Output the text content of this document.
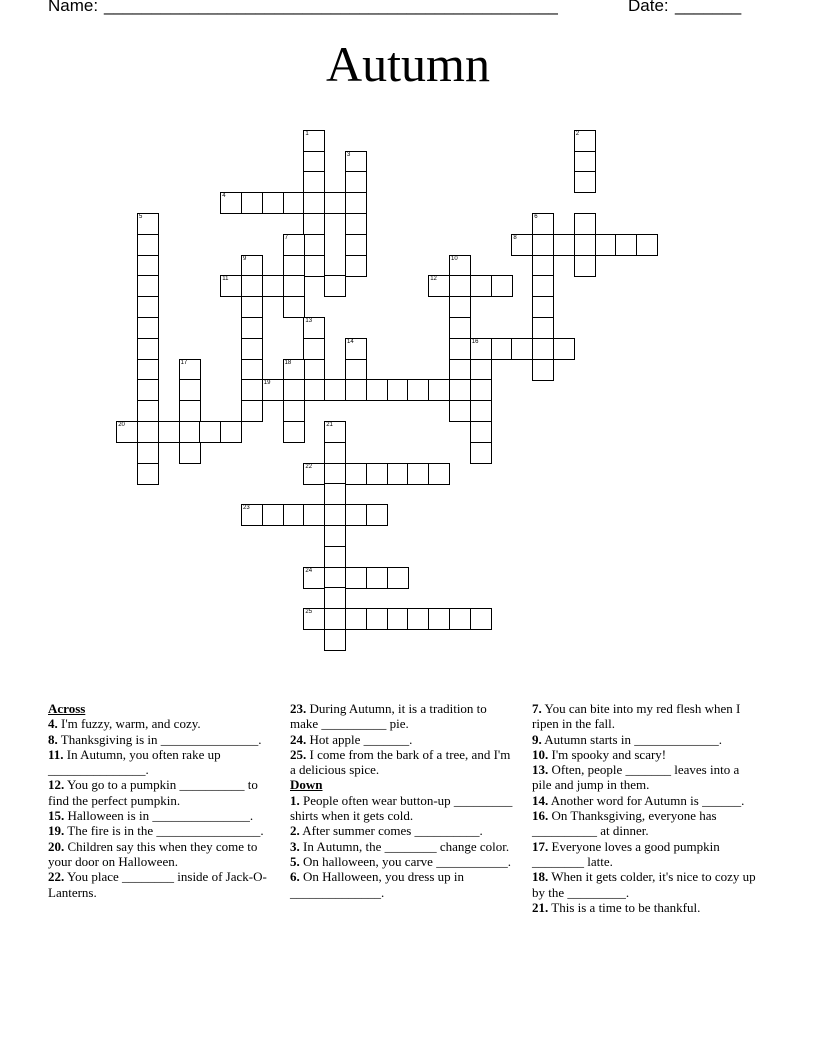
Name: ________________________________________________	Date: _______
Autumn
4
1
3
2
5	6
8
7
9	10
11	12
13
14	16
17	18
19
20	21
22
23
24
25
Across
4. I'm fuzzy, warm, and cozy.
8. Thanksgiving is in _______________.
11. In Autumn, you often rake up _______________.
12. You go to a pumpkin __________ to find the perfect pumpkin.
15. Halloween is in _______________.
19. The fire is in the ________________.
20. Children say this when they come to your door on Halloween.
22. You place ________ inside of Jack-O-Lanterns.
23. During Autumn, it is a tradition to make __________ pie.
24. Hot apple _______.
25. I come from the bark of a tree, and I'm a delicious spice.
Down
1. People often wear button-up _________ shirts when it gets cold.
2. After summer comes __________.
3. In Autumn, the ________ change color.
5. On halloween, you carve ___________.
6. On Halloween, you dress up in ______________.
7. You can bite into my red flesh when I ripen in the fall.
9. Autumn starts in _____________.
10. I'm spooky and scary!
13. Often, people _______ leaves into a pile and jump in them.
14. Another word for Autumn is ______.
16. On Thanksgiving, everyone has __________ at dinner.
17. Everyone loves a good pumpkin ________ latte.
18. When it gets colder, it's nice to cozy up by the _________.
21. This is a time to be thankful.
